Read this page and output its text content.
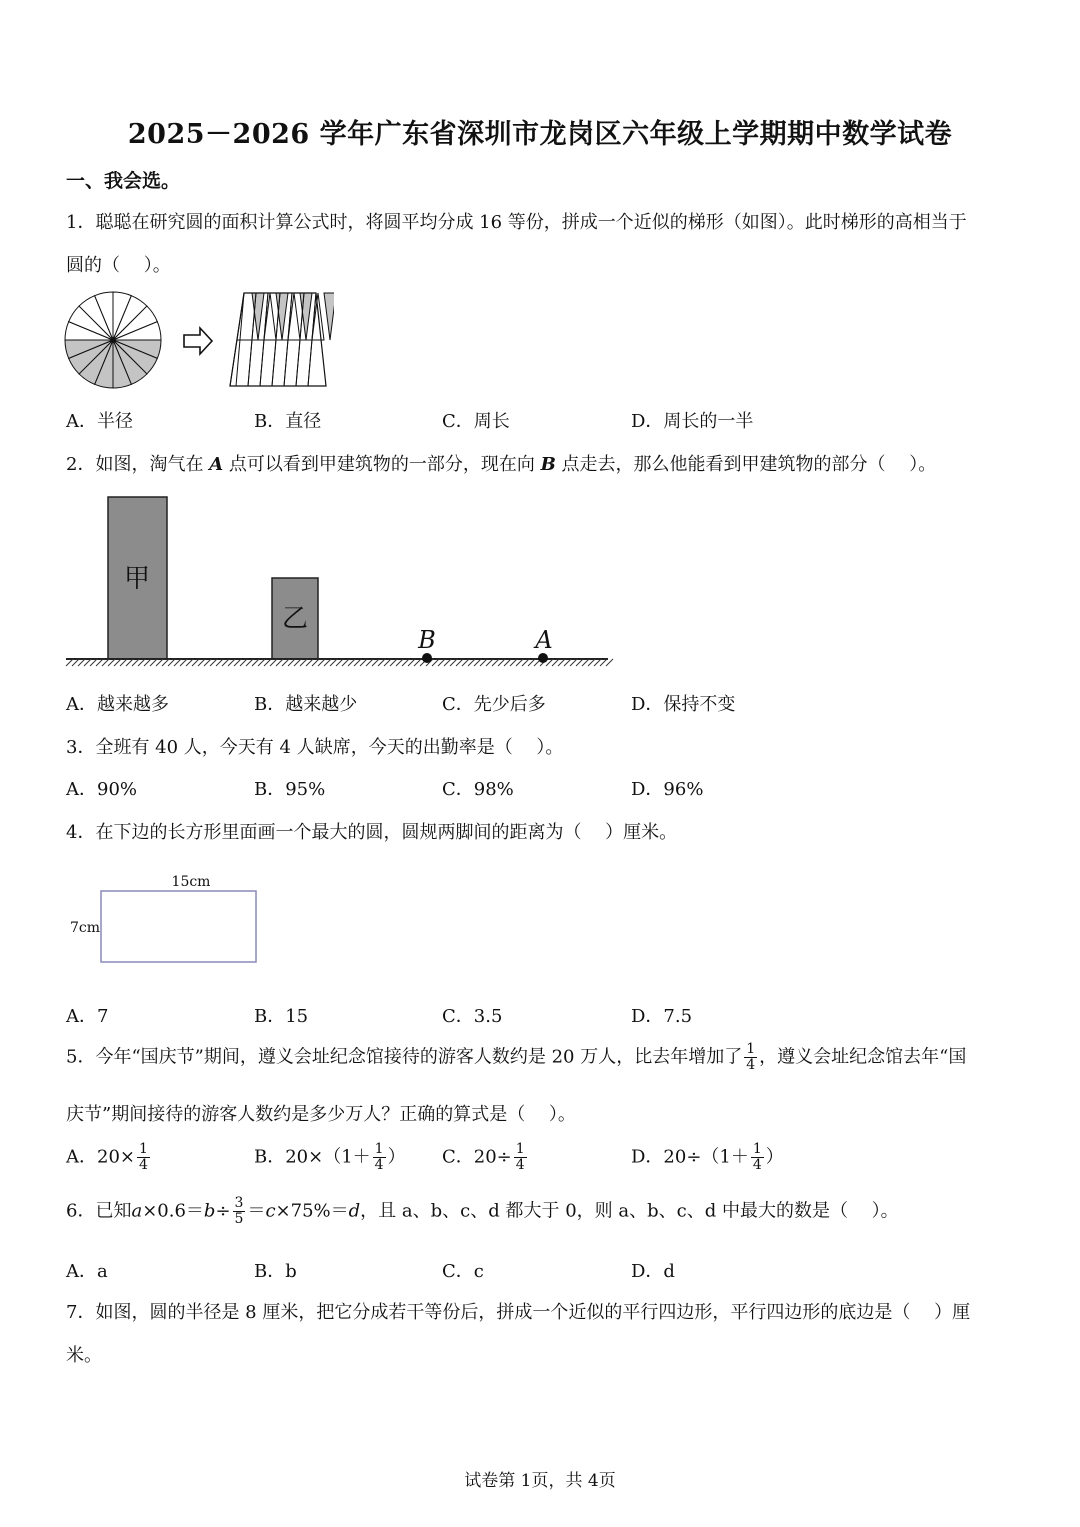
2025－2026 学年广东省深圳市龙岗区六年级上学期期中数学试卷
一、我会选。
1．聪聪在研究圆的面积计算公式时，将圆平均分成 16 等份，拼成一个近似的梯形（如图）。此时梯形的高相当于
圆的（　 ）。
A．半径	B．直径	C．周长	D．周长的一半
2．如图，淘气在 A 点可以看到甲建筑物的一部分，现在向 B 点走去，那么他能看到甲建筑物的部分（　 ）。
甲
乙
B	A
A．越来越多	B．越来越少	C．先少后多	D．保持不变
3．全班有 40 人，今天有 4 人缺席，今天的出勤率是（　 ）。
A．90%	B．95%	C．98%	D．96%
4．在下边的长方形里面画一个最大的圆，圆规两脚间的距离为（　 ）厘米。
15cm
7cm
A．7	B．15	C．3.5	D．7.5
5．今年“国庆节”期间，遵义会址纪念馆接待的游客人数约是 20 万人，比去年增加了 $\frac{1}{4}$ ，遵义会址纪念馆去年“国
庆节”期间接待的游客人数约是多少万人？正确的算式是（　 ）。
A．$20\times \frac{1}{4}$	B．$20\times(1+ \frac{1}{4}$ ） C．$20\div \frac{1}{4}$	D．$20\div(1+ \frac{1}{4}$ ）
6．已知$a\times 0.6=b\div \frac{3}{5} =c\times 75\%=d$，且 a、b、c、d 都大于 0，则 a、b、c、d 中最大的数是（　 ）。
A．a	B．b	C．c	D．d
7．如图，圆的半径是 8 厘米，把它分成若干等份后，拼成一个近似的平行四边形，平行四边形的底边是（　 ）厘
米。
试卷第 1页，共 4页
